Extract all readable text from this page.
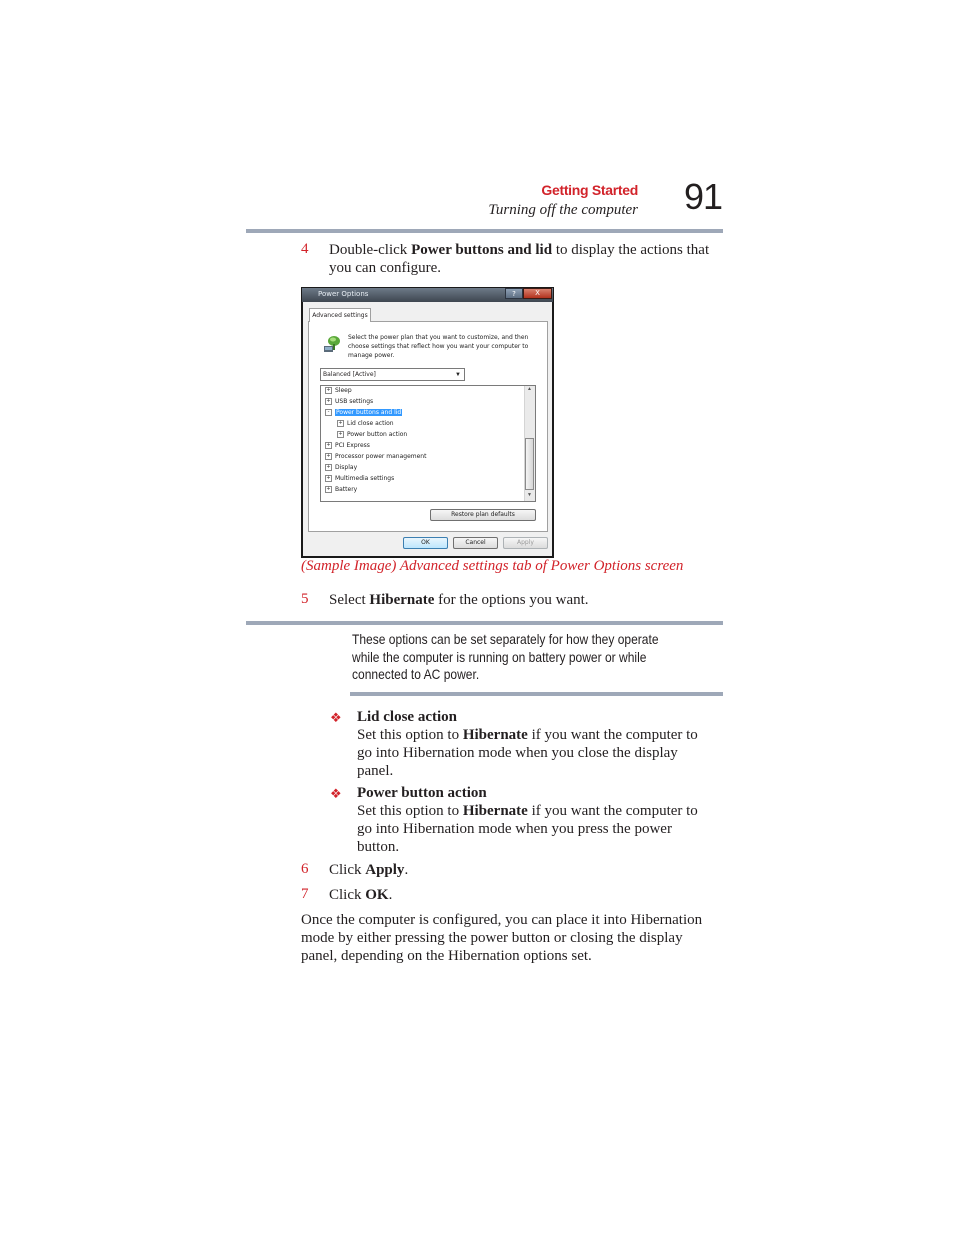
Getting Started
Turning off the computer 91
4 Double-click Power buttons and lid to display the actions that
you can configure.
Power Options	?	X
Advanced settings
Select the power plan that you want to customize, and then choose settings that reflect how you want your computer to manage power.
Balanced [Active]	▼
+ Sleep
+ USB settings
- Power buttons and lid
+ Lid close action
+ Power button action
+ PCI Express
+ Processor power management
+ Display
+ Multimedia settings
+ Battery
▲
▼
Restore plan defaults
OK	Cancel	Apply
(Sample Image) Advanced settings tab of Power Options screen
5 Select Hibernate for the options you want.
These options can be set separately for how they operate while the computer is running on battery power or while connected to AC power.
❖ Lid close action
Set this option to Hibernate if you want the computer to
go into Hibernation mode when you close the display
panel.
❖ Power button action
Set this option to Hibernate if you want the computer to
go into Hibernation mode when you press the power
button.
6 Click Apply.
7 Click OK.
Once the computer is configured, you can place it into Hibernation
mode by either pressing the power button or closing the display
panel, depending on the Hibernation options set.
